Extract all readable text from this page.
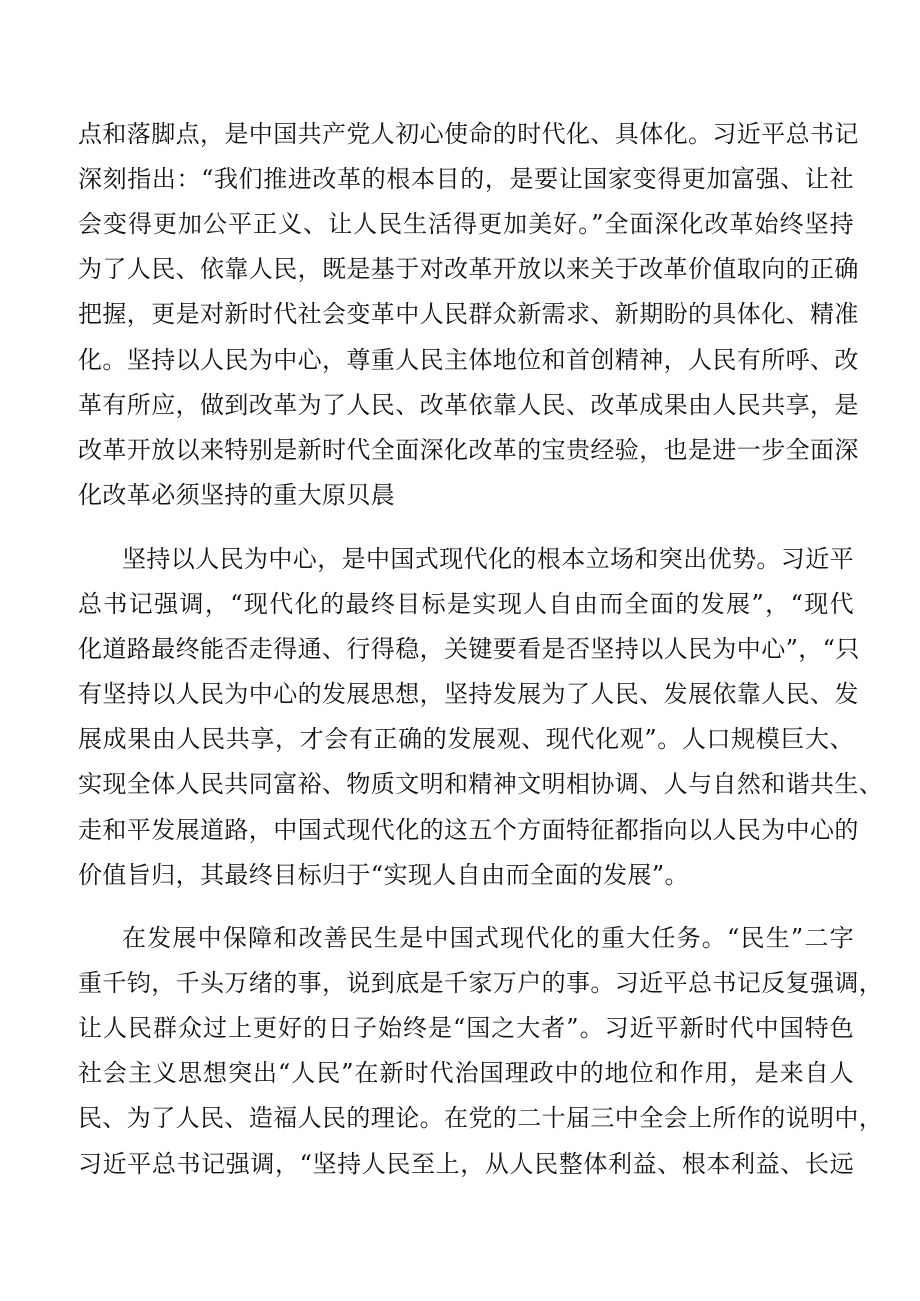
点和落脚点，是中国共产党人初心使命的时代化、具体化。习近平总书记
深刻指出：“我们推进改革的根本目的，是要让国家变得更加富强、让社
会变得更加公平正义、让人民生活得更加美好。”全面深化改革始终坚持
为了人民、依靠人民，既是基于对改革开放以来关于改革价值取向的正确
把握，更是对新时代社会变革中人民群众新需求、新期盼的具体化、精准
化。坚持以人民为中心，尊重人民主体地位和首创精神，人民有所呼、改
革有所应，做到改革为了人民、改革依靠人民、改革成果由人民共享，是
改革开放以来特别是新时代全面深化改革的宝贵经验，也是进一步全面深
化改革必须坚持的重大原贝晨
坚持以人民为中心，是中国式现代化的根本立场和突出优势。习近平
总书记强调，“现代化的最终目标是实现人自由而全面的发展”，“现代
化道路最终能否走得通、行得稳，关键要看是否坚持以人民为中心”，“只
有坚持以人民为中心的发展思想，坚持发展为了人民、发展依靠人民、发
展成果由人民共享，才会有正确的发展观、现代化观”。人口规模巨大、
实现全体人民共同富裕、物质文明和精神文明相协调、人与自然和谐共生、
走和平发展道路，中国式现代化的这五个方面特征都指向以人民为中心的
价值旨归，其最终目标归于“实现人自由而全面的发展”。
在发展中保障和改善民生是中国式现代化的重大任务。“民生”二字
重千钧，千头万绪的事，说到底是千家万户的事。习近平总书记反复强调，
让人民群众过上更好的日子始终是“国之大者”。习近平新时代中国特色
社会主义思想突出“人民”在新时代治国理政中的地位和作用，是来自人
民、为了人民、造福人民的理论。在党的二十届三中全会上所作的说明中，
习近平总书记强调，“坚持人民至上，从人民整体利益、根本利益、长远
